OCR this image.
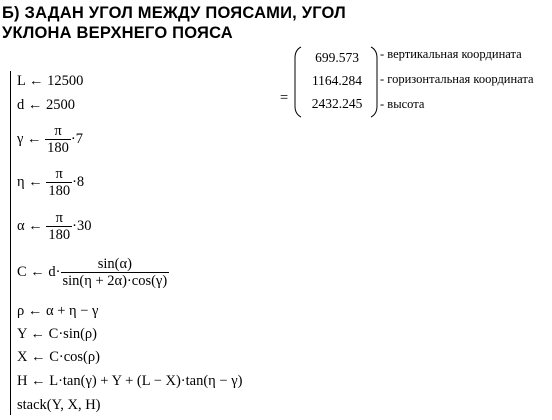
Б) ЗАДАН УГОЛ МЕЖДУ ПОЯСАМИ, УГОЛ
УКЛОНА ВЕРХНЕГО ПОЯСА
L ← 12500
d ← 2500
γ ← $\frac{\pi}{180} \cdot 7$
η ← $\frac{\pi}{180} \cdot 8$
α ← $\frac{\pi}{180} \cdot 30$
C ← $d\cdot \frac{\sin(\alpha)}{\sin(\eta + 2\alpha)\cdot\cos(\gamma)}$
ρ ← α + η − γ
Y ← C·sin(ρ)
X ← C·cos(ρ)
H ← L·tan(γ) + Y + (L − X)·tan(η − γ)
stack(Y, X, H)
=
699.573
1164.284
2432.245
- вертикальная координата
- горизонтальная координата
- высота
